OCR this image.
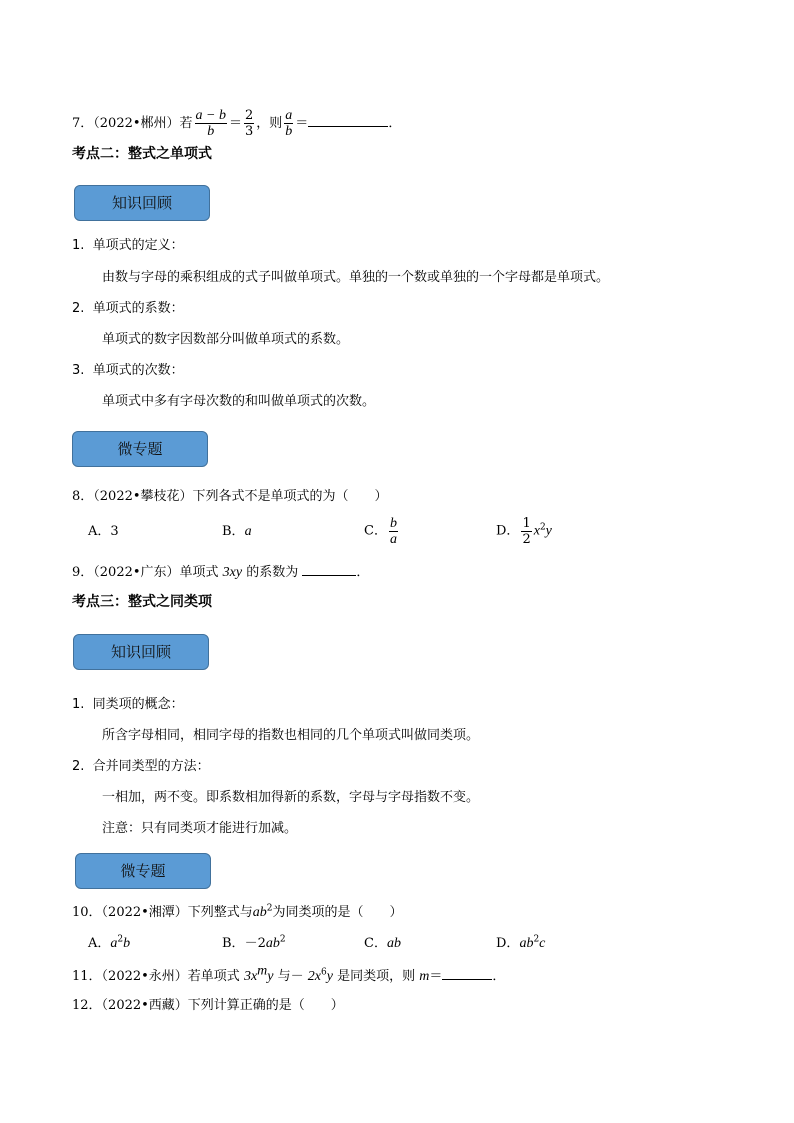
7．（2022•郴州）若 $\frac{a - b}{b} = \frac{2}{3}$ ，则 $\frac{a}{b}$ ＝	．
考点二：整式之单项式
知识回顾
1. 单项式的定义：
由数与字母的乘积组成的式子叫做单项式。单独的一个数或单独的一个字母都是单项式。
2. 单项式的系数：
单项式的数字因数部分叫做单项式的系数。
3. 单项式的次数：
单项式中多有字母次数的和叫做单项式的次数。
微专题
8．（2022•攀枝花）下列各式不是单项式的为（　　）
A．3	B．a	C． $\frac{b}{a}$	D． $\frac{1}{2} x^2y$
9．（2022•广东）单项式 3xy 的系数为	．
考点三：整式之同类项
知识回顾
1. 同类项的概念：
所含字母相同，相同字母的指数也相同的几个单项式叫做同类项。
2. 合并同类型的方法：
一相加，两不变。即系数相加得新的系数，字母与字母指数不变。
注意：只有同类项才能进行加减。
微专题
10．（2022•湘潭）下列整式与$ab^2$为同类项的是（　　）
A．$a^2b$	B．$-2ab^2$	C．ab	D．$ab^2c$
11．（2022•永州）若单项式 $3x^my$ 与－ $2x^6y$ 是同类项，则 m＝	．
12．（2022•西藏）下列计算正确的是（　　）
